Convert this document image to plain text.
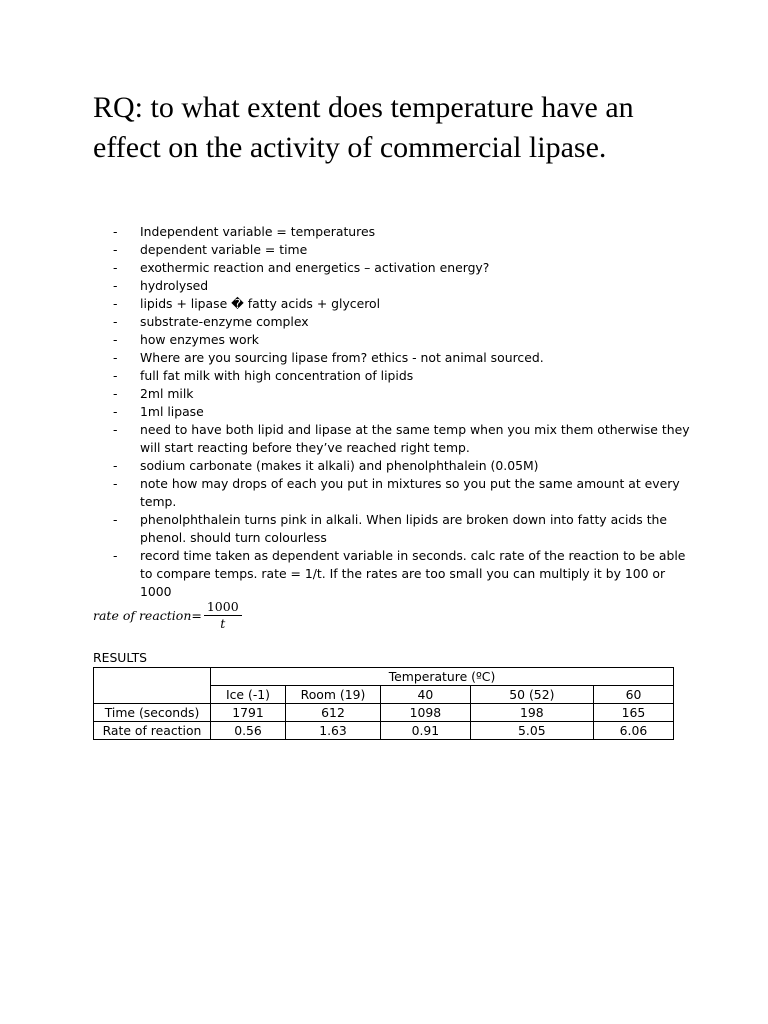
RQ: to what extent does temperature have an effect on the activity of commercial lipase.
- Independent variable = temperatures
- dependent variable = time
- exothermic reaction and energetics – activation energy?
- hydrolysed
- lipids + lipase � fatty acids + glycerol
- substrate-enzyme complex
- how enzymes work
- Where are you sourcing lipase from? ethics - not animal sourced.
- full fat milk with high concentration of lipids
- 2ml milk
- 1ml lipase
- need to have both lipid and lipase at the same temp when you mix them otherwise they will start reacting before they’ve reached right temp.
- sodium carbonate (makes it alkali) and phenolphthalein (0.05M)
- note how may drops of each you put in mixtures so you put the same amount at every temp.
- phenolphthalein turns pink in alkali. When lipids are broken down into fatty acids the phenol. should turn colourless
- record time taken as dependent variable in seconds. calc rate of the reaction to be able to compare temps. rate = 1/t. If the rates are too small you can multiply it by 100 or 1000
rate of reaction= $\frac{1000}{t}$
RESULTS
	Temperature (ºC)				
	Ice (-1)	Room (19)	40	50 (52)	60
Time (seconds)	1791	612	1098	198	165
Rate of reaction	0.56	1.63	0.91	5.05	6.06
